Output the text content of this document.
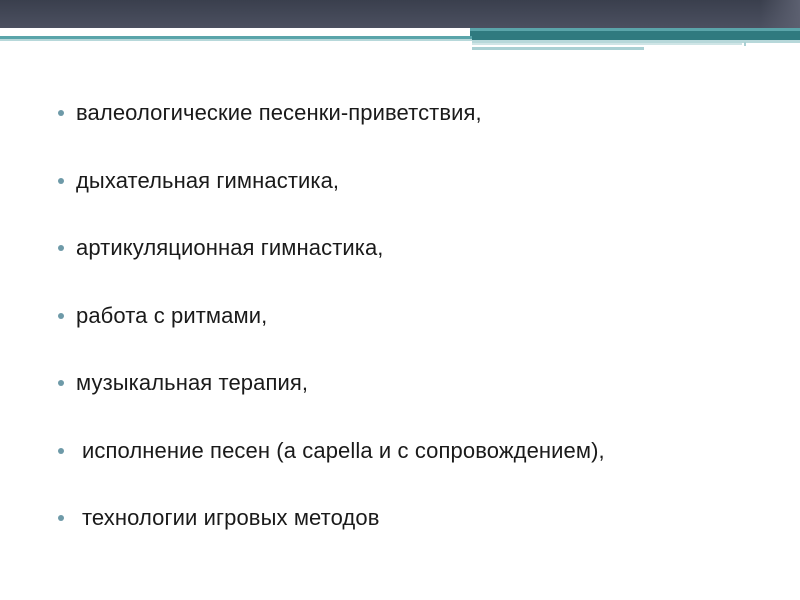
валеологические песенки-приветствия,
дыхательная гимнастика,
артикуляционная гимнастика,
работа с ритмами,
музыкальная терапия,
исполнение песен (а capella и с сопровождением),
технологии игровых методов
